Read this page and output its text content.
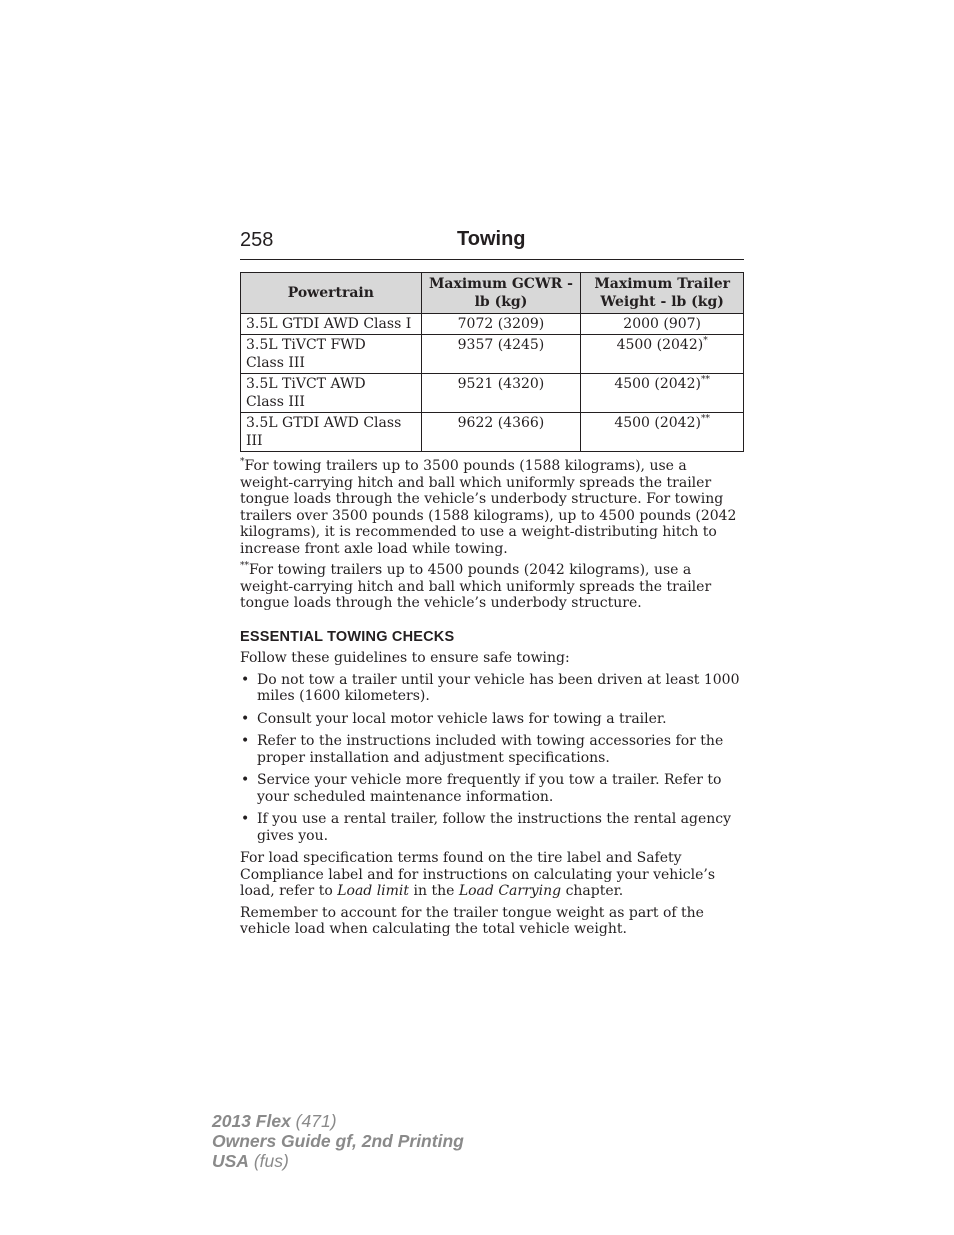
258	Towing
Powertrain	Maximum GCWR - lb (kg)	Maximum Trailer Weight - lb (kg)
3.5L GTDI AWD Class I	7072 (3209)	2000 (907)
3.5L TiVCT FWD
Class III	9357 (4245)	4500 (2042)*
3.5L TiVCT AWD
Class III	9521 (4320)	4500 (2042)**
3.5L GTDI AWD Class III	9622 (4366)	4500 (2042)**

*For towing trailers up to 3500 pounds (1588 kilograms), use a weight-carrying hitch and ball which uniformly spreads the trailer tongue loads through the vehicle’s underbody structure. For towing trailers over 3500 pounds (1588 kilograms), up to 4500 pounds (2042 kilograms), it is recommended to use a weight-distributing hitch to increase front axle load while towing.

**For towing trailers up to 4500 pounds (2042 kilograms), use a weight-carrying hitch and ball which uniformly spreads the trailer tongue loads through the vehicle’s underbody structure.

ESSENTIAL TOWING CHECKS

Follow these guidelines to ensure safe towing:

• Do not tow a trailer until your vehicle has been driven at least 1000 miles (1600 kilometers).
• Consult your local motor vehicle laws for towing a trailer.
• Refer to the instructions included with towing accessories for the proper installation and adjustment specifications.
• Service your vehicle more frequently if you tow a trailer. Refer to your scheduled maintenance information.
• If you use a rental trailer, follow the instructions the rental agency gives you.

For load specification terms found on the tire label and Safety Compliance label and for instructions on calculating your vehicle’s load, refer to Load limit in the Load Carrying chapter.

Remember to account for the trailer tongue weight as part of the vehicle load when calculating the total vehicle weight.

2013 Flex (471)
Owners Guide gf, 2nd Printing
USA (fus)
